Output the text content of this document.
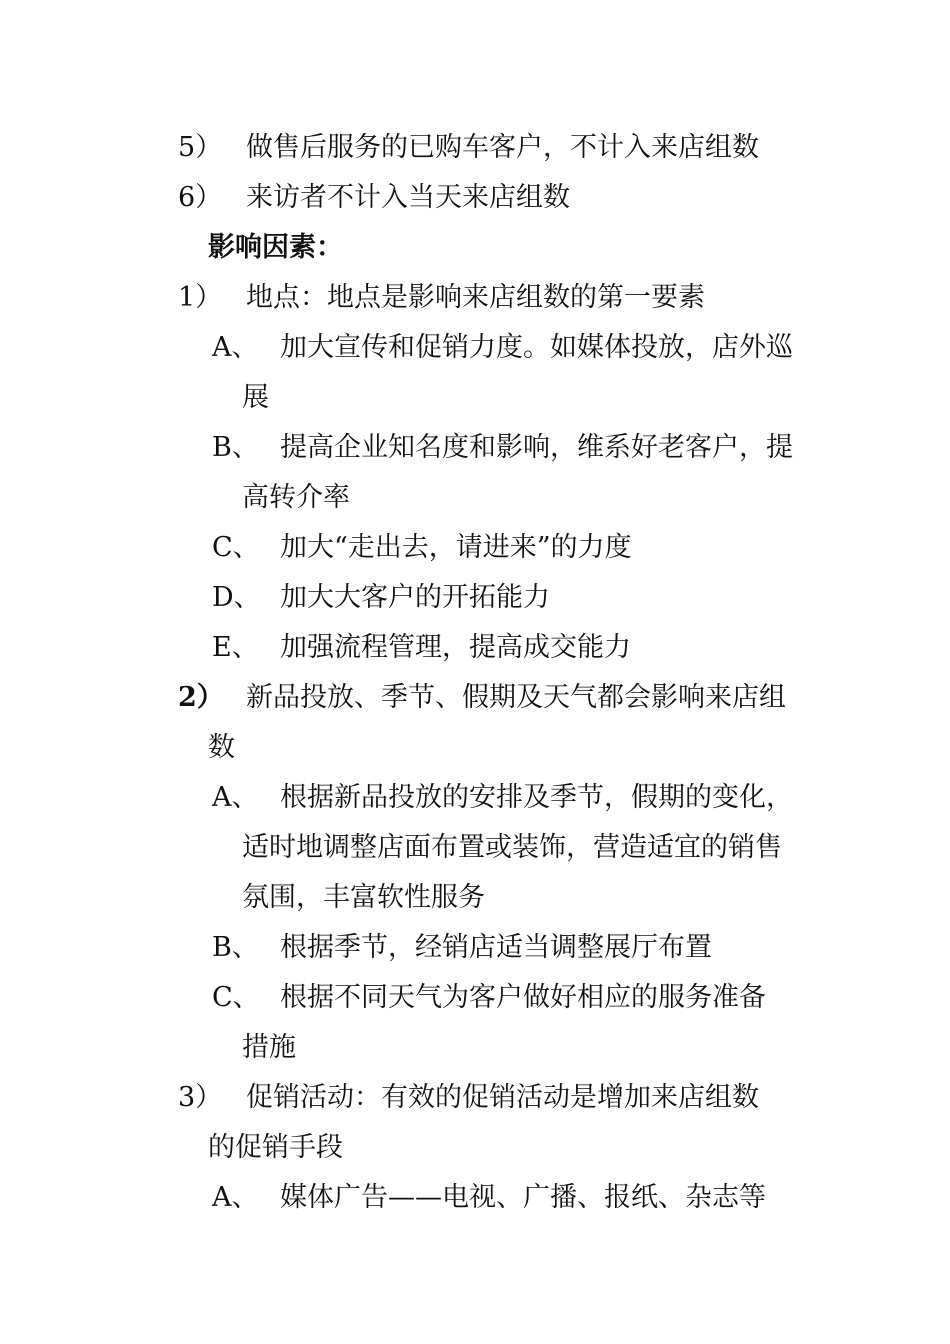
5） 做售后服务的已购车客户，不计入来店组数
6） 来访者不计入当天来店组数
影响因素：
1） 地点：地点是影响来店组数的第一要素
A、 加大宣传和促销力度。如媒体投放，店外巡
展
B、 提高企业知名度和影响，维系好老客户，提
高转介率
C、 加大“走出去，请进来”的力度
D、 加大大客户的开拓能力
E、 加强流程管理，提高成交能力
2） 新品投放、季节、假期及天气都会影响来店组
数
A、 根据新品投放的安排及季节，假期的变化，
适时地调整店面布置或装饰，营造适宜的销售
氛围，丰富软性服务
B、 根据季节，经销店适当调整展厅布置
C、 根据不同天气为客户做好相应的服务准备
措施
3） 促销活动：有效的促销活动是增加来店组数
的促销手段
A、 媒体广告——电视、广播、报纸、杂志等
